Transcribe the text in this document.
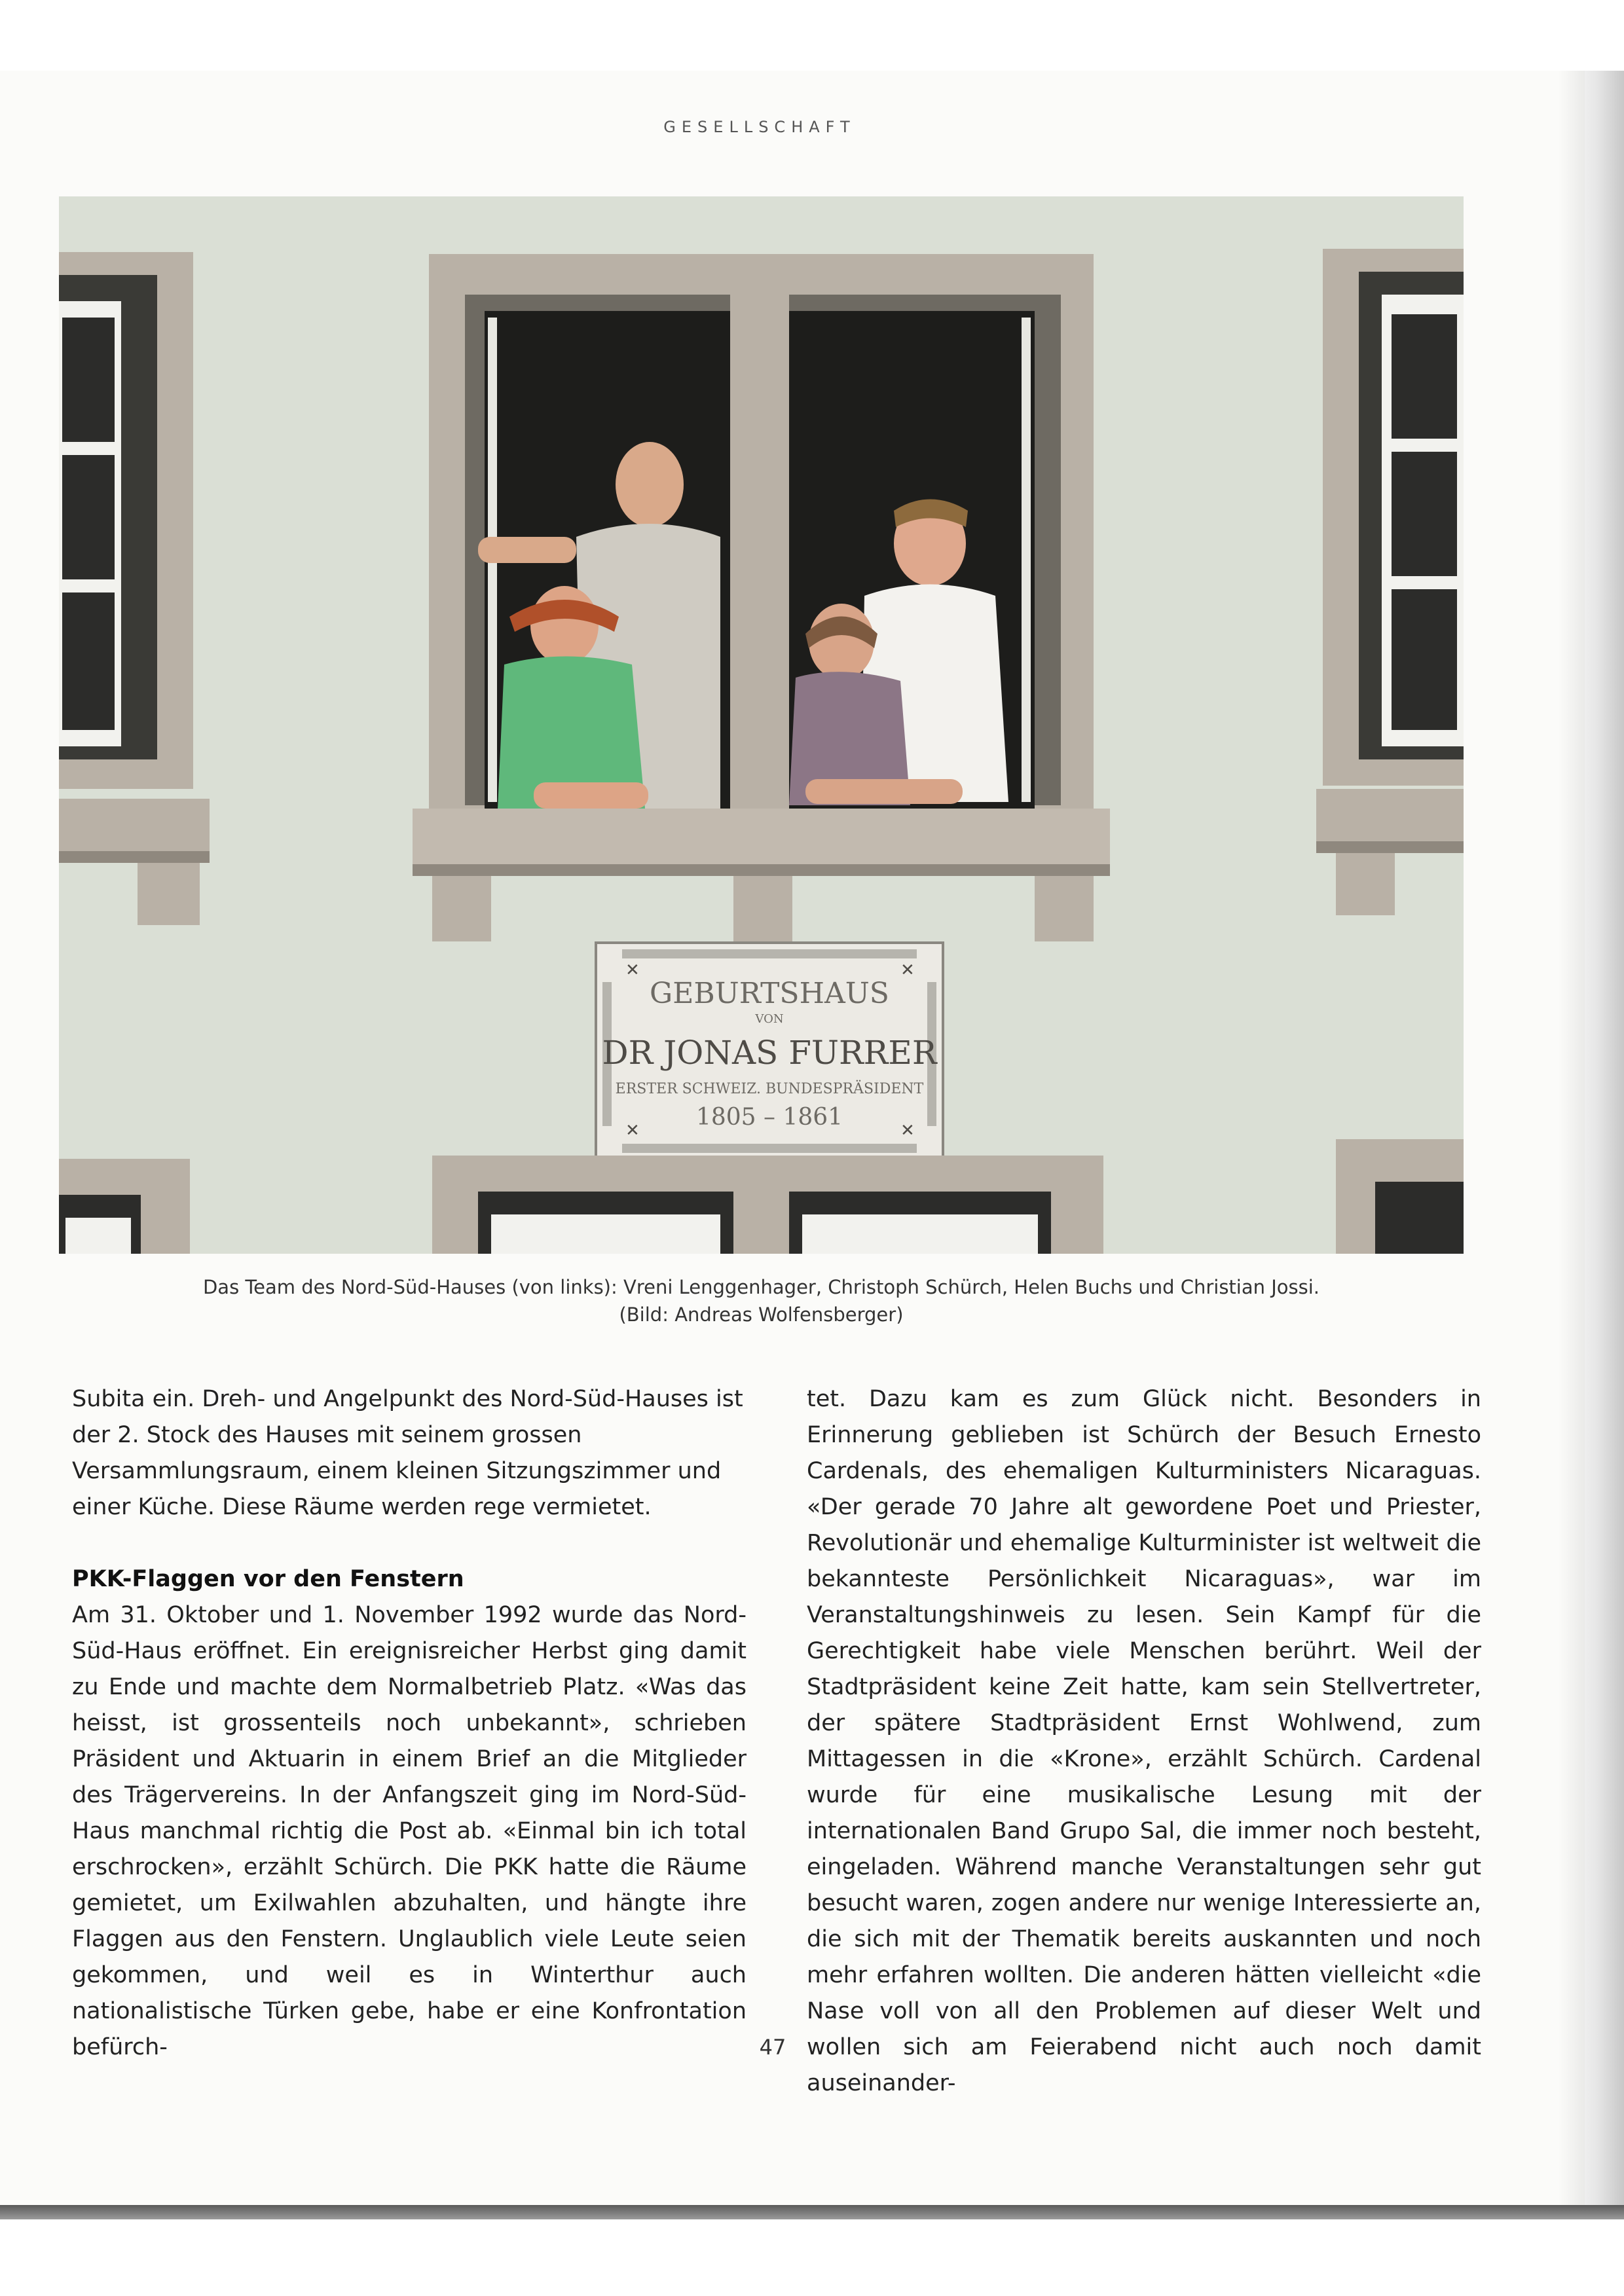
GESELLSCHAFT
GEBURTSHAUS
VON
DR JONAS FURRER
ERSTER SCHWEIZ. BUNDESPRÄSIDENT
1805 – 1861
✕	✕
✕	✕
Das Team des Nord-Süd-Hauses (von links): Vreni Lenggenhager, Christoph Schürch, Helen Buchs und Christian Jossi.
(Bild: Andreas Wolfensberger)

Subita ein. Dreh- und Angelpunkt des Nord-Süd-Hauses ist der 2. Stock des Hauses mit seinem grossen Versammlungsraum, einem kleinen Sitzungszimmer und einer Küche. Diese Räume werden rege vermietet.

PKK-Flaggen vor den Fenstern

Am 31. Oktober und 1. November 1992 wurde das Nord-Süd-Haus eröffnet. Ein ereignisreicher Herbst ging damit zu Ende und machte dem Normalbetrieb Platz. «Was das heisst, ist grossenteils noch unbekannt», schrieben Präsident und Aktuarin in einem Brief an die Mitglieder des Trägervereins. In der Anfangszeit ging im Nord-Süd-Haus manchmal richtig die Post ab. «Einmal bin ich total erschrocken», erzählt Schürch. Die PKK hatte die Räume gemietet, um Exilwahlen abzuhalten, und hängte ihre Flaggen aus den Fenstern. Unglaublich viele Leute seien gekommen, und weil es in Winterthur auch nationalistische Türken gebe, habe er eine Konfrontation befürch-

tet. Dazu kam es zum Glück nicht. Besonders in Erinnerung geblieben ist Schürch der Besuch Ernesto Cardenals, des ehemaligen Kulturministers Nicaraguas. «Der gerade 70 Jahre alt gewordene Poet und Priester, Revolutionär und ehemalige Kulturminister ist weltweit die bekannteste Persönlichkeit Nicaraguas», war im Veranstaltungshinweis zu lesen. Sein Kampf für die Gerechtigkeit habe viele Menschen berührt. Weil der Stadtpräsident keine Zeit hatte, kam sein Stellvertreter, der spätere Stadtpräsident Ernst Wohlwend, zum Mittagessen in die «Krone», erzählt Schürch. Cardenal wurde für eine musikalische Lesung mit der internationalen Band Grupo Sal, die immer noch besteht, eingeladen. Während manche Veranstaltungen sehr gut besucht waren, zogen andere nur wenige Interessierte an, die sich mit der Thematik bereits auskannten und noch mehr erfahren wollten. Die anderen hätten vielleicht «die Nase voll von all den Problemen auf dieser Welt und wollen sich am Feierabend nicht auch noch damit auseinander-

47
